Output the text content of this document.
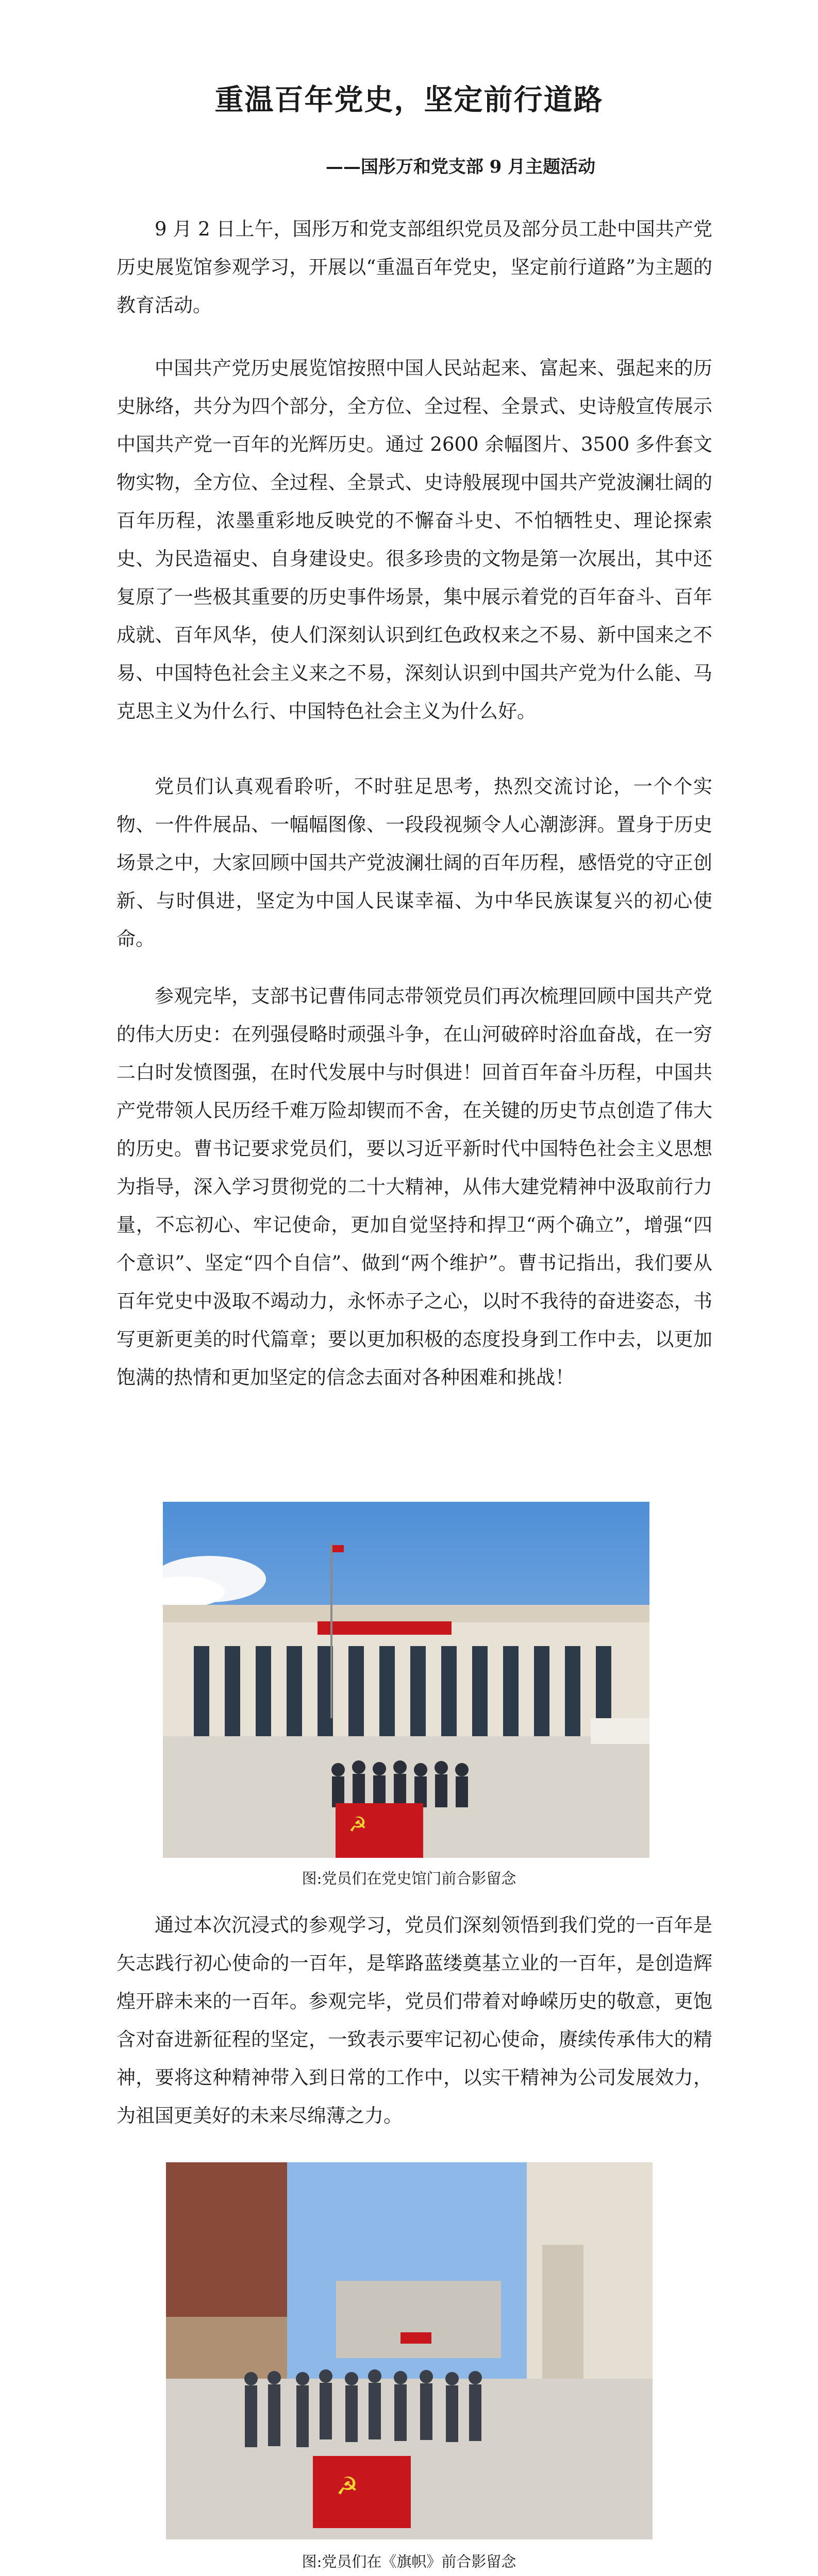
重温百年党史，坚定前行道路
——国彤万和党支部 9 月主题活动

9 月 2 日上午，国彤万和党支部组织党员及部分员工赴中国共产党历史展览馆参观学习，开展以“重温百年党史，坚定前行道路”为主题的教育活动。

中国共产党历史展览馆按照中国人民站起来、富起来、强起来的历史脉络，共分为四个部分，全方位、全过程、全景式、史诗般宣传展示中国共产党一百年的光辉历史。通过 2600 余幅图片、3500 多件套文物实物，全方位、全过程、全景式、史诗般展现中国共产党波澜壮阔的百年历程，浓墨重彩地反映党的不懈奋斗史、不怕牺牲史、理论探索史、为民造福史、自身建设史。很多珍贵的文物是第一次展出，其中还复原了一些极其重要的历史事件场景，集中展示着党的百年奋斗、百年成就、百年风华，使人们深刻认识到红色政权来之不易、新中国来之不易、中国特色社会主义来之不易，深刻认识到中国共产党为什么能、马克思主义为什么行、中国特色社会主义为什么好。

党员们认真观看聆听，不时驻足思考，热烈交流讨论，一个个实物、一件件展品、一幅幅图像、一段段视频令人心潮澎湃。置身于历史场景之中，大家回顾中国共产党波澜壮阔的百年历程，感悟党的守正创新、与时俱进，坚定为中国人民谋幸福、为中华民族谋复兴的初心使命。

参观完毕，支部书记曹伟同志带领党员们再次梳理回顾中国共产党的伟大历史：在列强侵略时顽强斗争，在山河破碎时浴血奋战，在一穷二白时发愤图强，在时代发展中与时俱进！回首百年奋斗历程，中国共产党带领人民历经千难万险却锲而不舍，在关键的历史节点创造了伟大的历史。曹书记要求党员们，要以习近平新时代中国特色社会主义思想为指导，深入学习贯彻党的二十大精神，从伟大建党精神中汲取前行力量，不忘初心、牢记使命，更加自觉坚持和捍卫“两个确立”，增强“四个意识”、坚定“四个自信”、做到“两个维护”。曹书记指出，我们要从百年党史中汲取不竭动力，永怀赤子之心，以时不我待的奋进姿态，书写更新更美的时代篇章；要以更加积极的态度投身到工作中去，以更加饱满的热情和更加坚定的信念去面对各种困难和挑战！

☭
图:党员们在党史馆门前合影留念

通过本次沉浸式的参观学习，党员们深刻领悟到我们党的一百年是矢志践行初心使命的一百年，是筚路蓝缕奠基立业的一百年，是创造辉煌开辟未来的一百年。参观完毕，党员们带着对峥嵘历史的敬意，更饱含对奋进新征程的坚定，一致表示要牢记初心使命，赓续传承伟大的精神，要将这种精神带入到日常的工作中，以实干精神为公司发展效力，为祖国更美好的未来尽绵薄之力。

☭
图:党员们在《旗帜》前合影留念
